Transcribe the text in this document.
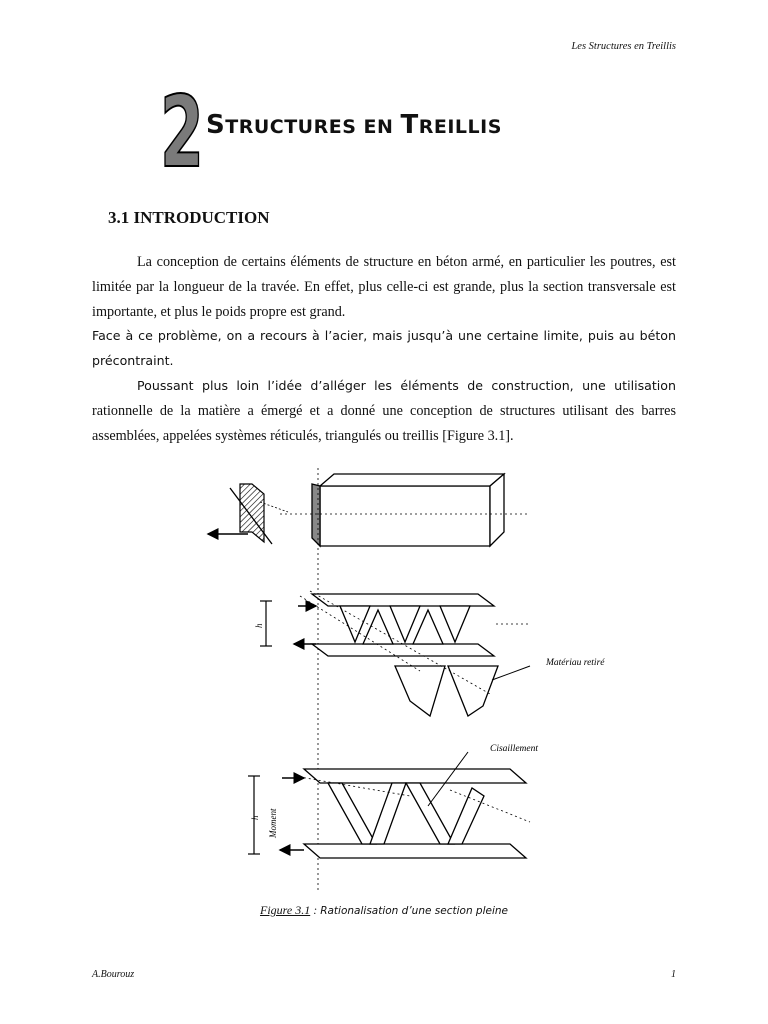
Les Structures en Treillis
2 STRUCTURES EN TREILLIS
3.1 INTRODUCTION

La conception de certains éléments de structure en béton armé, en particulier les poutres, est limitée par la longueur de la travée. En effet, plus celle-ci est grande, plus la section transversale est importante, et plus le poids propre est grand.

Face à ce problème, on a recours à l’acier, mais jusqu’à une certaine limite, puis au béton précontraint.

Poussant plus loin l’idée d’alléger les éléments de construction, une utilisation rationnelle de la matière a émergé et a donné une conception de structures utilisant des barres assemblées, appelées systèmes réticulés, triangulés ou treillis [Figure 3.1].

h
Matériau retiré
h Moment
Cisaillement
Figure 3.1 : Rationalisation d’une section pleine
A.Bourouz	1
